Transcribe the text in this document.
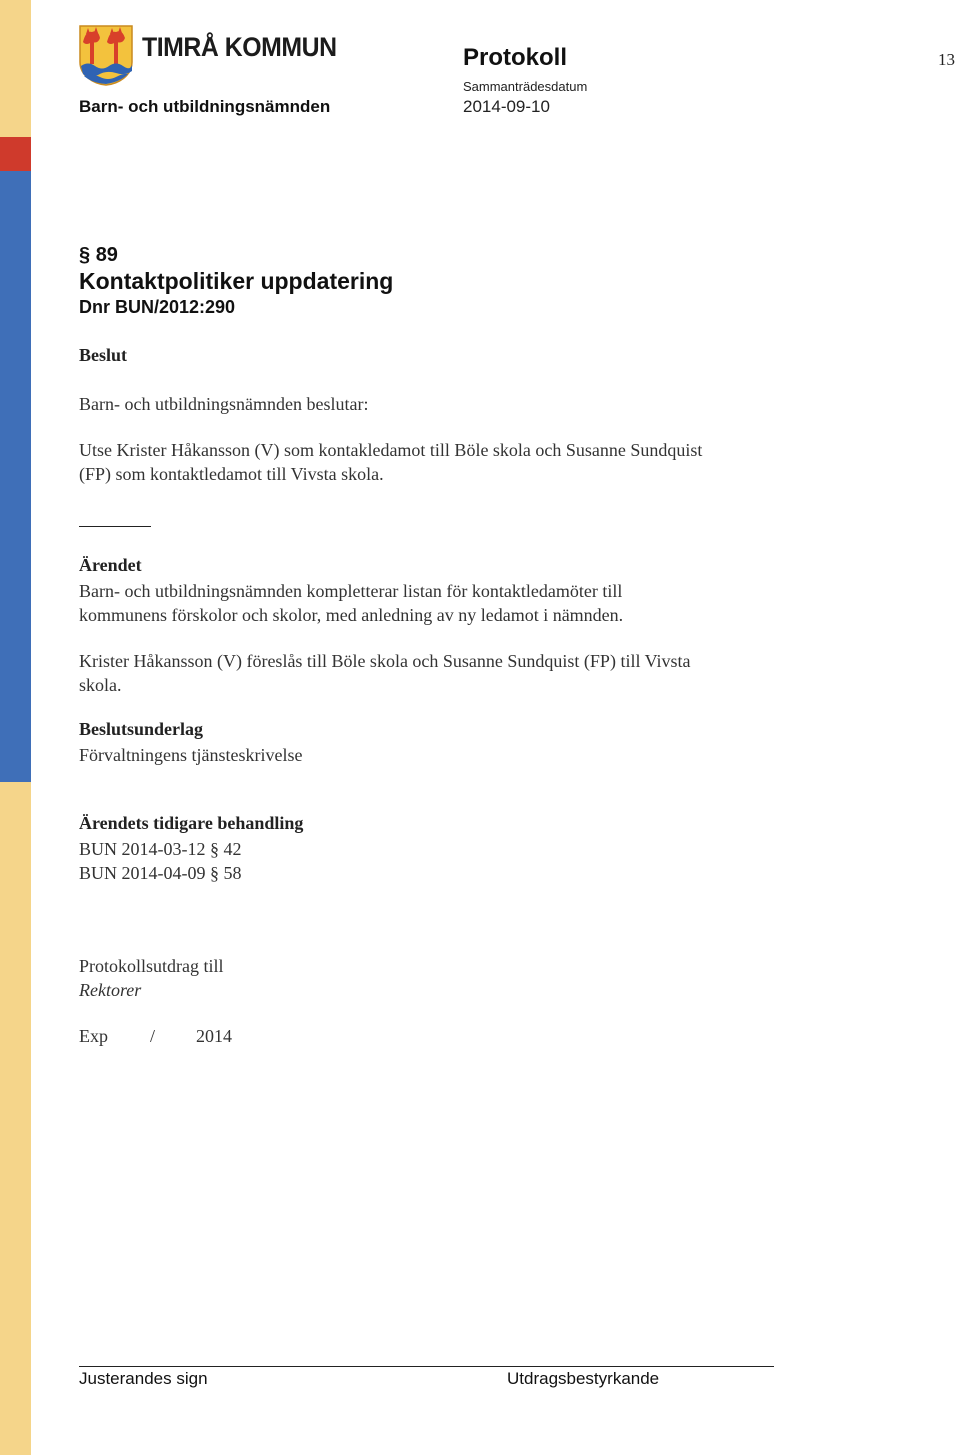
TIMRÅ KOMMUN
Barn- och utbildningsnämnden
Protokoll
Sammanträdesdatum
2014-09-10
13
§ 89
Kontaktpolitiker uppdatering
Dnr BUN/2012:290
Beslut
Barn- och utbildningsnämnden beslutar:
Utse Krister Håkansson (V) som kontakledamot till Böle skola och Susanne Sundquist
(FP) som kontaktledamot till Vivsta skola.
Ärendet
Barn- och utbildningsnämnden kompletterar listan för kontaktledamöter till
kommunens förskolor och skolor, med anledning av ny ledamot i nämnden.
Krister Håkansson (V) föreslås till Böle skola och Susanne Sundquist (FP) till Vivsta
skola.
Beslutsunderlag
Förvaltningens tjänsteskrivelse
Ärendets tidigare behandling
BUN 2014-03-12 § 42
BUN 2014-04-09 § 58
Protokollsutdrag till
Rektorer
Exp / 2014
Justerandes sign	Utdragsbestyrkande
